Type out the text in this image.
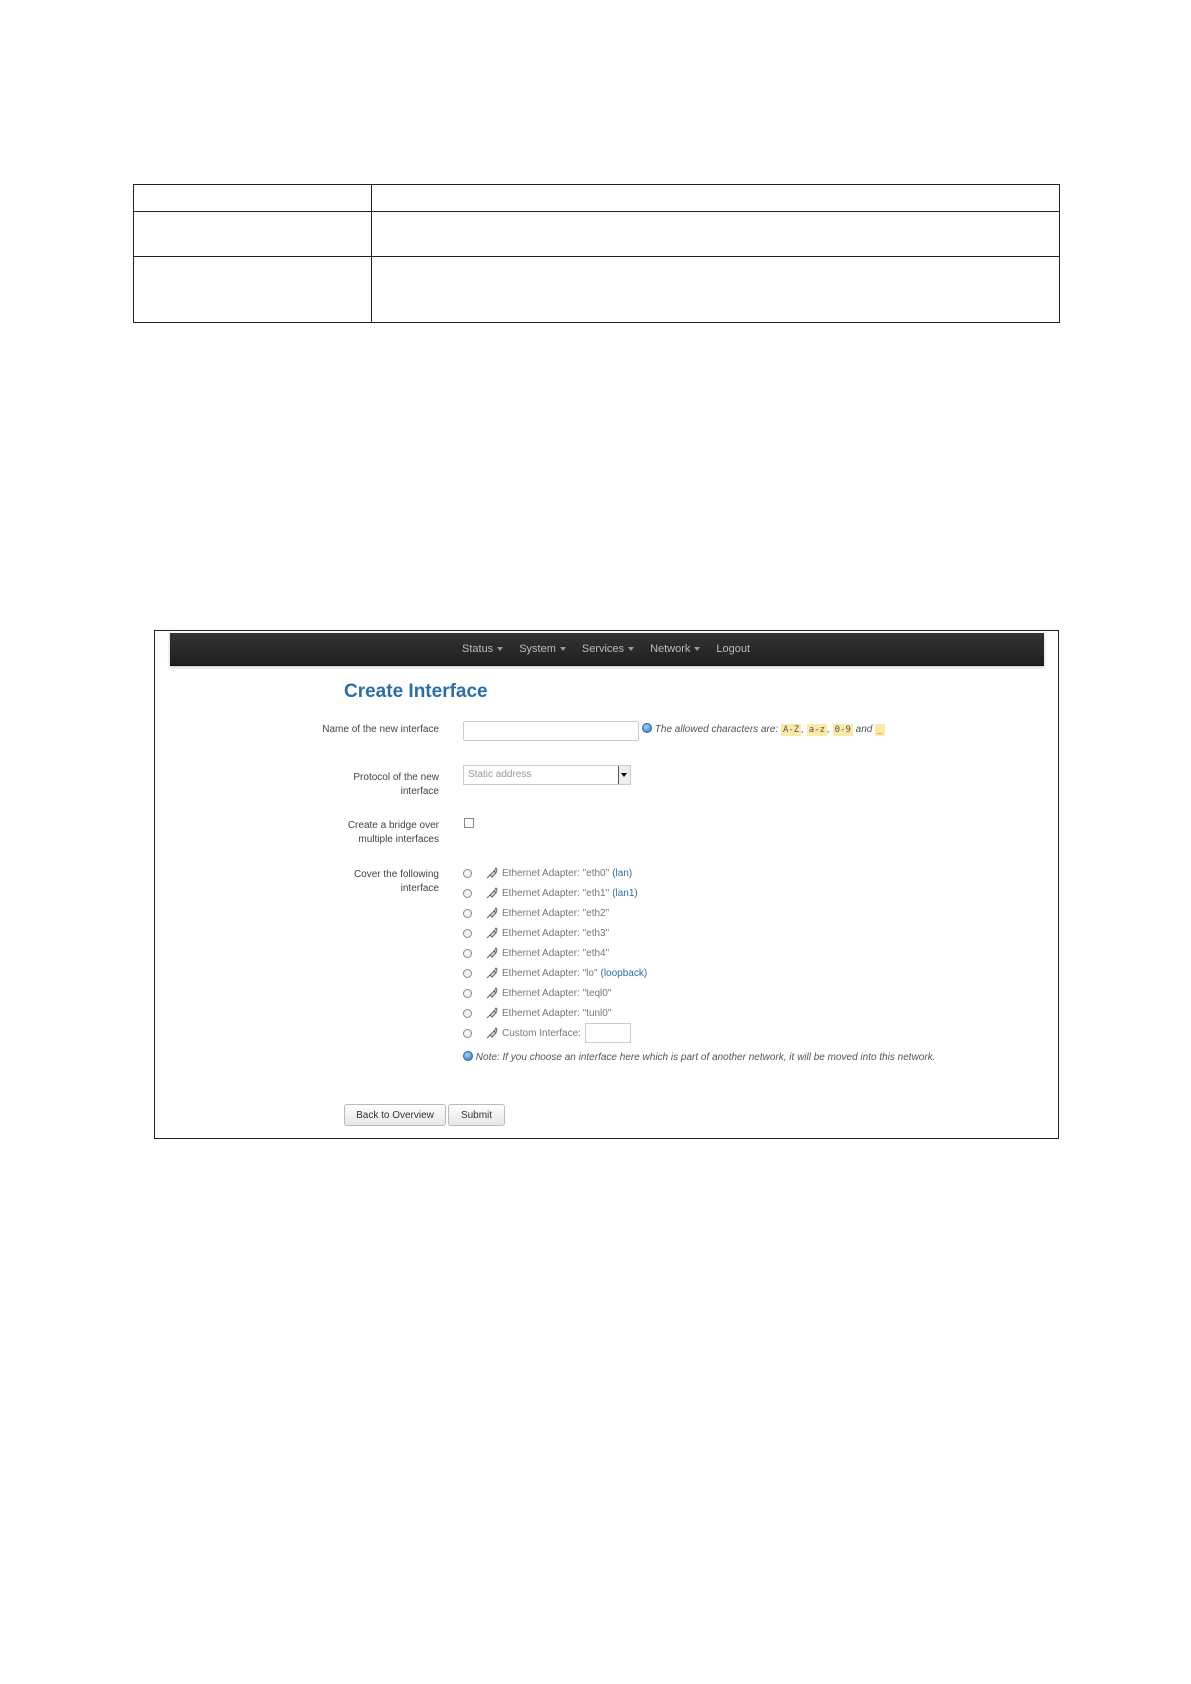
Status System Services Network Logout
Create Interface
Name of the new interface	The allowed characters are: A-Z , a-z , 0-9 and _
Protocol of the new interface
Static address
Create a bridge over multiple interfaces
Cover the following interface
Ethernet Adapter: "eth0" (lan)
Ethernet Adapter: "eth1" (lan1)
Ethernet Adapter: "eth2"
Ethernet Adapter: "eth3"
Ethernet Adapter: "eth4"
Ethernet Adapter: "lo" (loopback)
Ethernet Adapter: "teql0"
Ethernet Adapter: "tunl0"
Custom Interface:
Note: If you choose an interface here which is part of another network, it will be moved into this network.
Back to Overview	Submit
